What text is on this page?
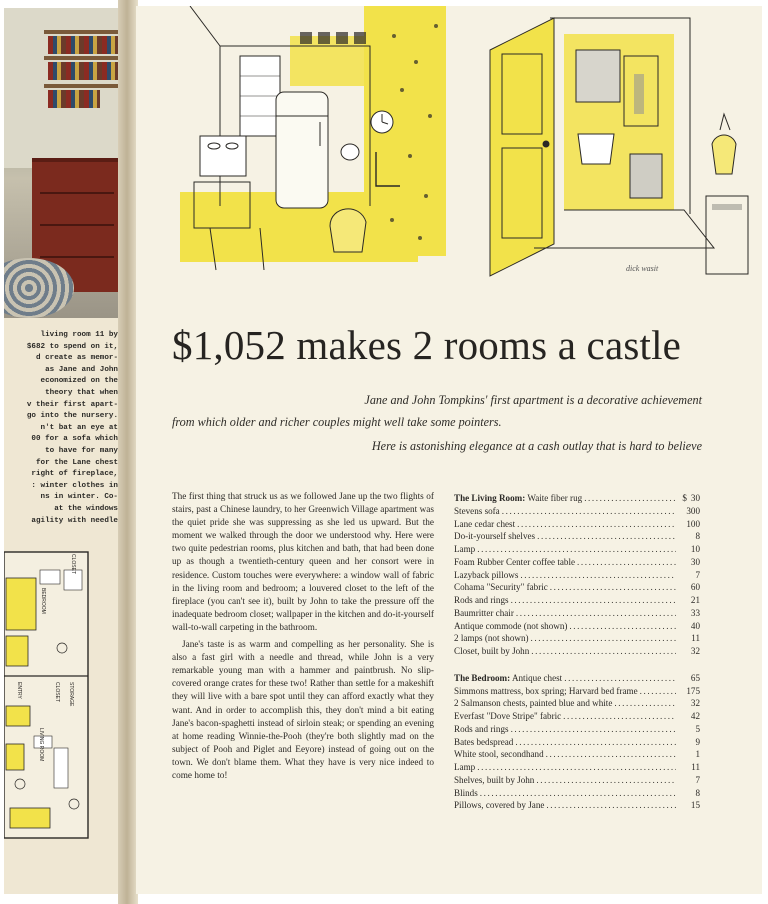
living room 11 by
$682 to spend on it,
d create as memor-
as Jane and John
economized on the
theory that when
v their first apart-
go into the nursery.
n't bat an eye at
00 for a sofa which
to have for many
for the Lane chest
right of fireplace,
: winter clothes in
ns in winter. Co-
at the windows
agility with needle
CLOSET
BEDROOM
ENTRY	CLOSET STORAGE
LIVING ROOM
dick wasit
$1,052 makes 2 rooms a castle
Jane and John Tompkins' first apartment is a decorative achievement
from which older and richer couples might well take some pointers.
Here is astonishing elegance at a cash outlay that is hard to believe

The first thing that struck us as we followed Jane up the two flights of stairs, past a Chinese laundry, to her Greenwich Village apartment was the quiet pride she was suppressing as she led us upward. But the moment we walked through the door we understood why. Here were two quite pedestrian rooms, plus kitchen and bath, that had been done up as though a twentieth-century queen and her consort were in residence. Custom touches were everywhere: a window wall of fabric in the living room and bedroom; a louvered closet to the left of the fireplace (you can't see it), built by John to take the pressure off the inadequate bedroom closet; wallpaper in the kitchen and do-it-yourself wall-to-wall carpeting in the bathroom.

Jane's taste is as warm and compelling as her personality. She is also a fast girl with a needle and thread, while John is a very remarkable young man with a hammer and paintbrush. No slip-covered orange crates for these two! Rather than settle for a makeshift they will live with a bare spot until they can afford exactly what they want. And in order to accomplish this, they don't mind a bit eating Jane's bacon-spaghetti instead of sirloin steak; or spending an evening at home reading Winnie-the-Pooh (they're both slightly mad on the subject of Pooh and Piglet and Eeyore) instead of going out on the town. We don't blame them. What they have is very nice indeed to come home to!

The Living Room: Waite fiber rug .....	$ 30
Stevens sofa .....	300
Lane cedar chest .....	100
Do-it-yourself shelves .....	8
Lamp .....	10
Foam Rubber Center coffee table .....	30
Lazyback pillows .....	7
Cohama "Security" fabric .....	60
Rods and rings .....	21
Baumritter chair .....	33
Antique commode (not shown) .....	40
2 lamps (not shown) .....	11
Closet, built by John .....	32
The Bedroom: Antique chest .....	65
Simmons mattress, box spring; Harvard bed frame .....	175
2 Salmanson chests, painted blue and white .....	32
Everfast "Dove Stripe" fabric .....	42
Rods and rings .....	5
Bates bedspread .....	9
White stool, secondhand .....	1
Lamp .....	11
Shelves, built by John .....	7
Blinds .....	8
Pillows, covered by Jane .....	15
